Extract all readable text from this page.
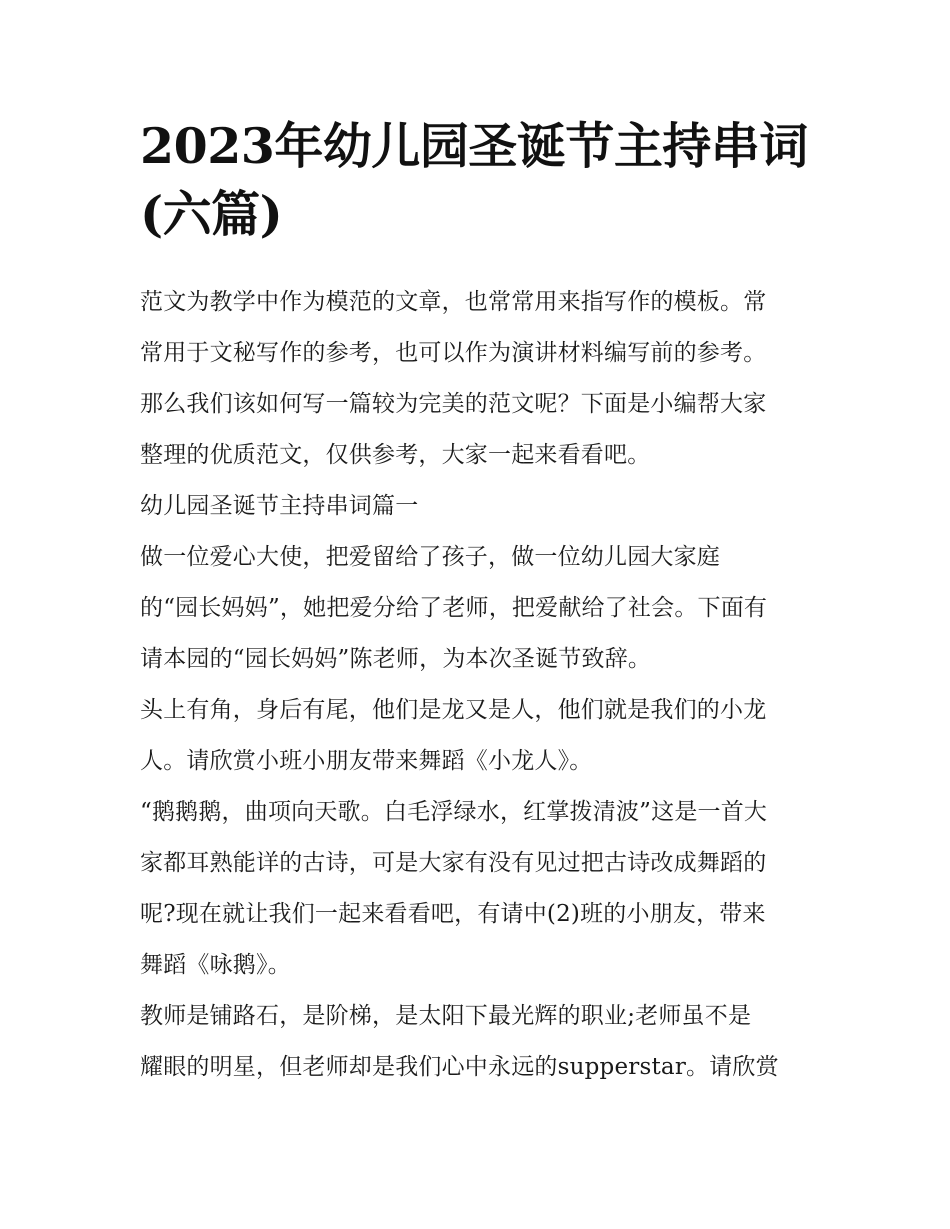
2023年幼儿园圣诞节主持串词
(六篇)
范文为教学中作为模范的文章，也常常用来指写作的模板。常
常用于文秘写作的参考，也可以作为演讲材料编写前的参考。
那么我们该如何写一篇较为完美的范文呢？下面是小编帮大家
整理的优质范文，仅供参考，大家一起来看看吧。
幼儿园圣诞节主持串词篇一
做一位爱心大使，把爱留给了孩子，做一位幼儿园大家庭
的“园长妈妈”，她把爱分给了老师，把爱献给了社会。下面有
请本园的“园长妈妈”陈老师，为本次圣诞节致辞。
头上有角，身后有尾，他们是龙又是人，他们就是我们的小龙
人。请欣赏小班小朋友带来舞蹈《小龙人》。
“鹅鹅鹅，曲项向天歌。白毛浮绿水，红掌拨清波”这是一首大
家都耳熟能详的古诗，可是大家有没有见过把古诗改成舞蹈的
呢?现在就让我们一起来看看吧，有请中(2)班的小朋友，带来
舞蹈《咏鹅》。
教师是铺路石，是阶梯，是太阳下最光辉的职业;老师虽不是
耀眼的明星，但老师却是我们心中永远的supperstar。请欣赏
